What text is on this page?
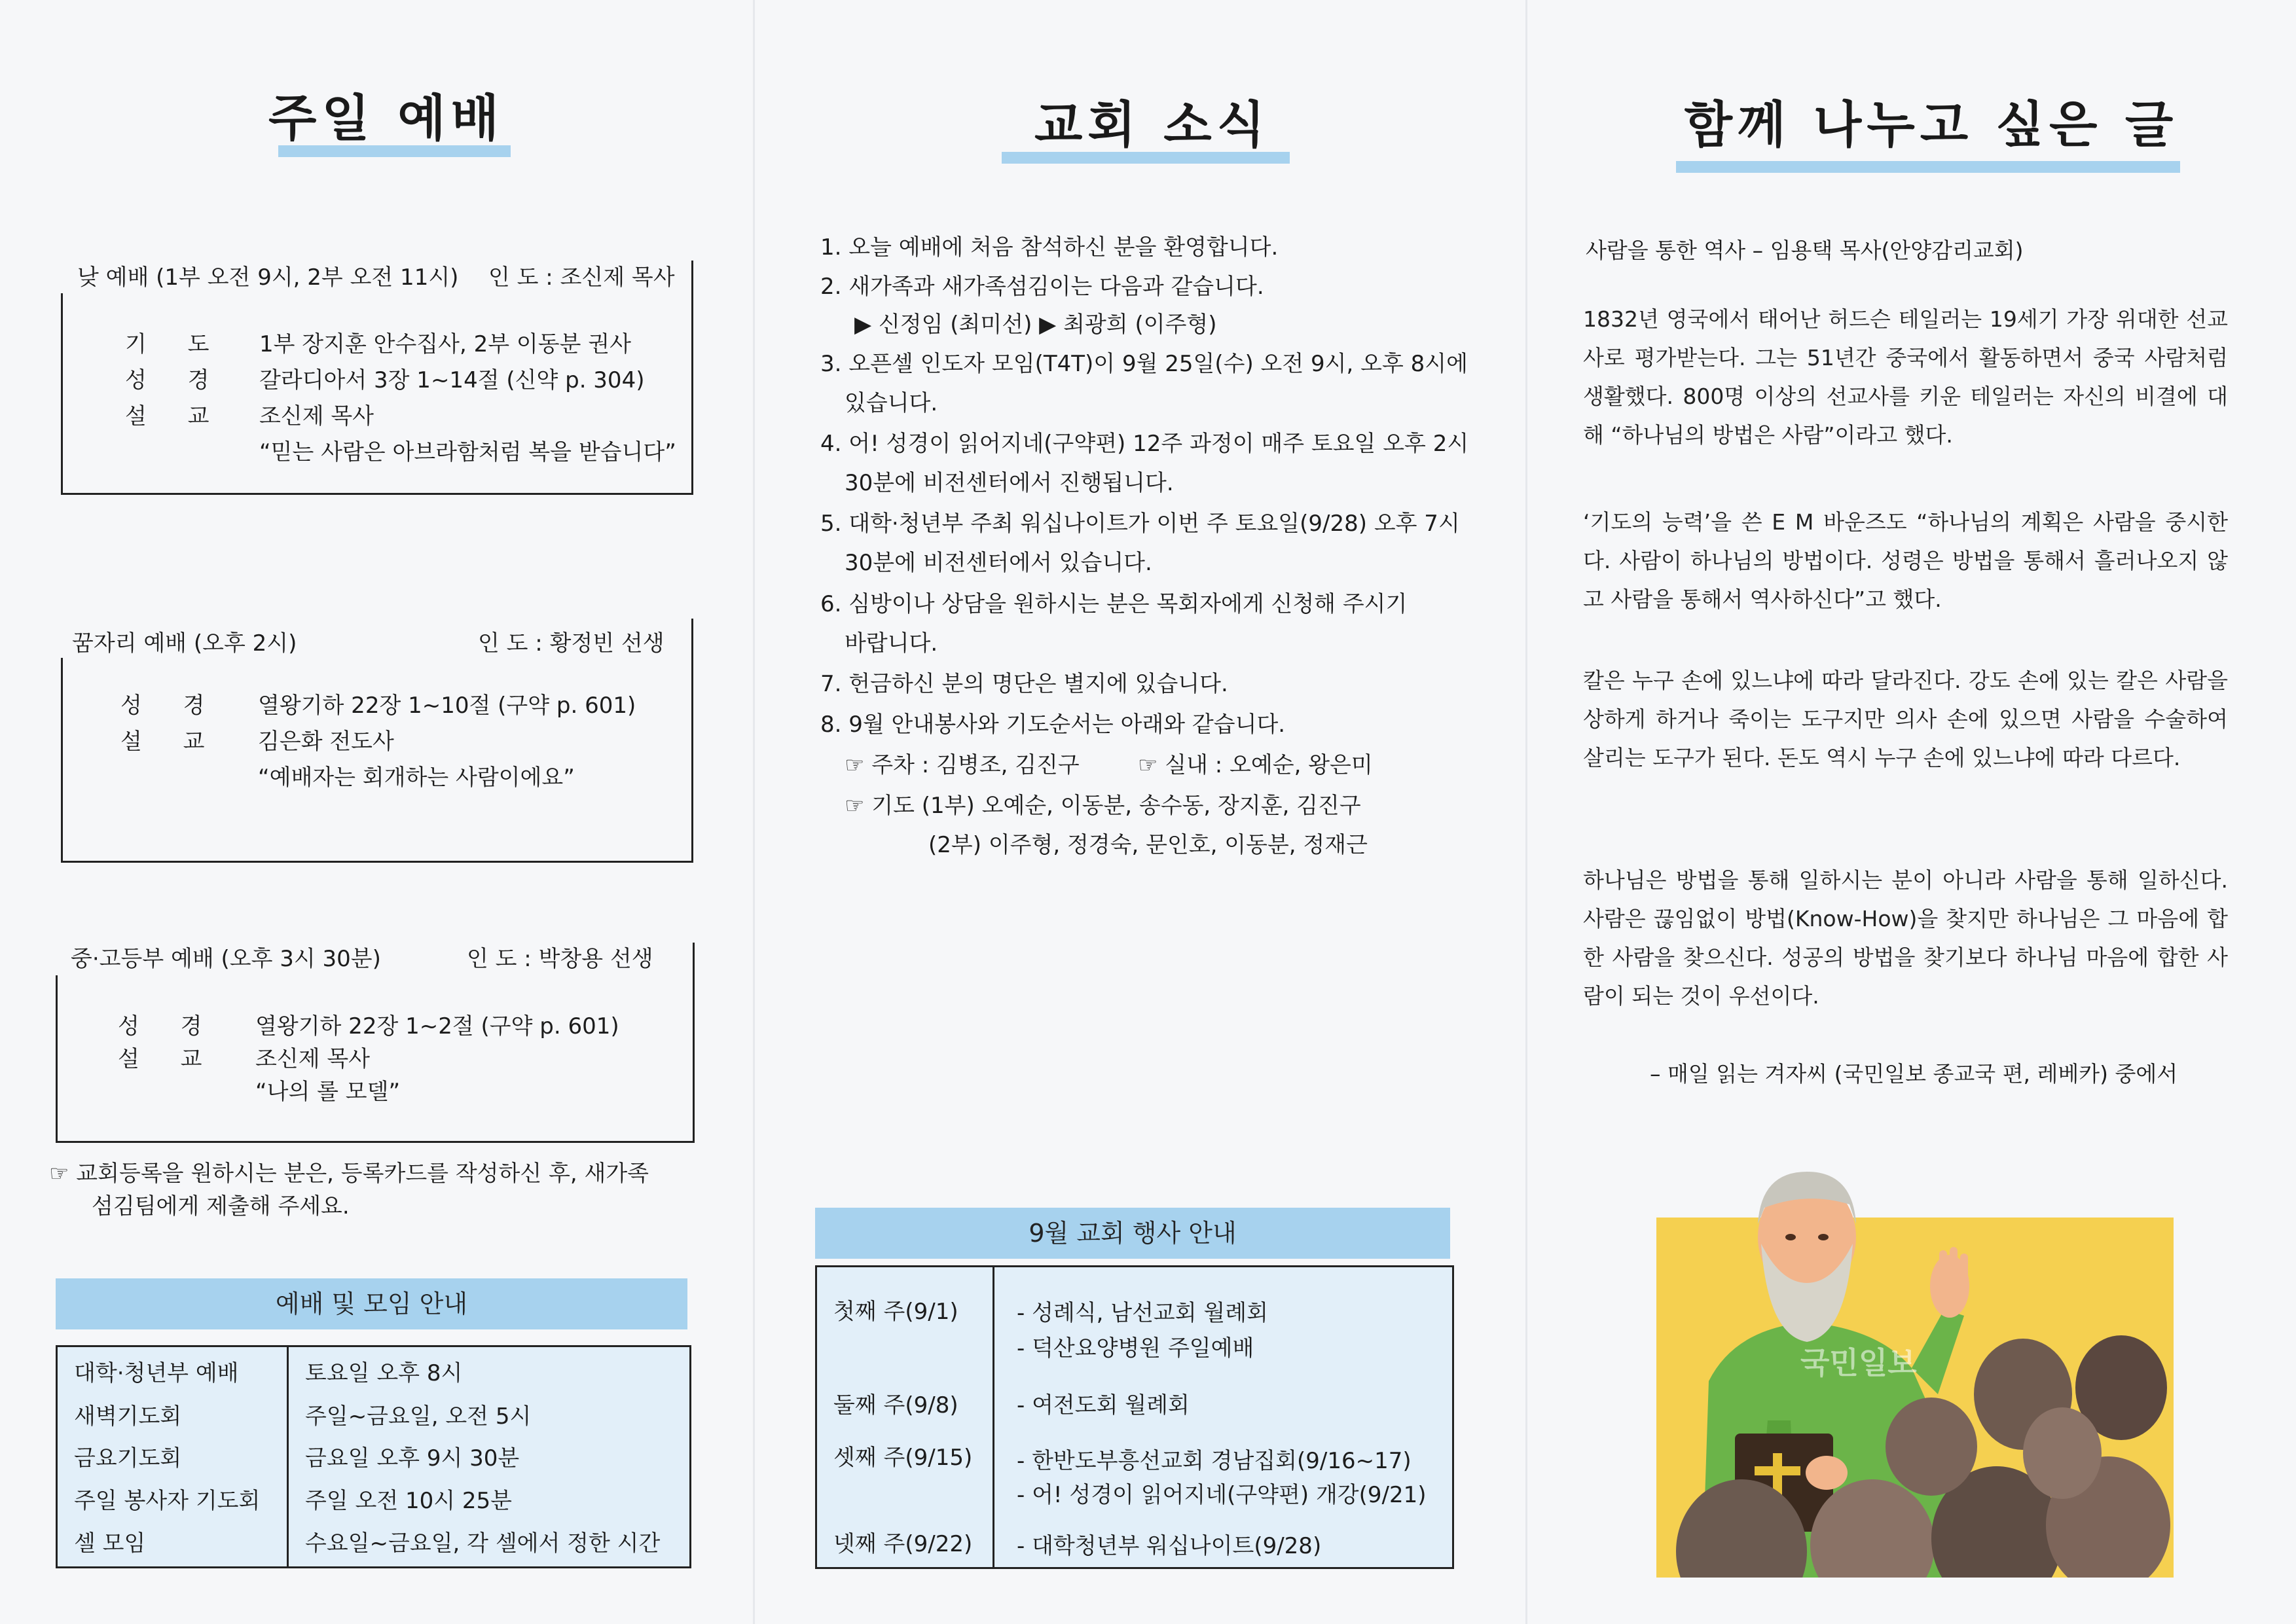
주일 예배
낮 예배 (1부 오전 9시, 2부 오전 11시) 인 도 : 조신제 목사
기 도 1부 장지훈 안수집사, 2부 이동분 권사
성 경 갈라디아서 3장 1~14절 (신약 p. 304)
설 교 조신제 목사
“믿는 사람은 아브라함처럼 복을 받습니다”
꿈자리 예배 (오후 2시)	인 도 : 황정빈 선생
성 경 열왕기하 22장 1~10절 (구약 p. 601)
설 교 김은화 전도사
“예배자는 회개하는 사람이에요”
중·고등부 예배 (오후 3시 30분)	인 도 : 박창용 선생
성 경 열왕기하 22장 1~2절 (구약 p. 601)
설 교 조신제 목사
“나의 롤 모델”
☞ 교회등록을 원하시는 분은, 등록카드를 작성하신 후, 새가족
섬김팀에게 제출해 주세요.
예배 및 모임 안내
대학·청년부 예배	토요일 오후 8시
새벽기도회	주일~금요일, 오전 5시
금요기도회	금요일 오후 9시 30분
주일 봉사자 기도회 주일 오전 10시 25분
셀 모임	수요일~금요일, 각 셀에서 정한 시간
교회 소식
1. 오늘 예배에 처음 참석하신 분을 환영합니다.
2. 새가족과 새가족섬김이는 다음과 같습니다.
▶ 신정임 (최미선) ▶ 최광희 (이주형)
3. 오픈셀 인도자 모임(T4T)이 9월 25일(수) 오전 9시, 오후 8시에
있습니다.
4. 어! 성경이 읽어지네(구약편) 12주 과정이 매주 토요일 오후 2시
30분에 비전센터에서 진행됩니다.
5. 대학·청년부 주최 워십나이트가 이번 주 토요일(9/28) 오후 7시
30분에 비전센터에서 있습니다.
6. 심방이나 상담을 원하시는 분은 목회자에게 신청해 주시기
바랍니다.
7. 헌금하신 분의 명단은 별지에 있습니다.
8. 9월 안내봉사와 기도순서는 아래와 같습니다.
☞ 주차 : 김병조, 김진구	☞ 실내 : 오예순, 왕은미
☞ 기도 (1부) 오예순, 이동분, 송수동, 장지훈, 김진구
(2부) 이주형, 정경숙, 문인호, 이동분, 정재근
9월 교회 행사 안내
첫째 주(9/1)	- 성례식, 남선교회 월례회
- 덕산요양병원 주일예배
둘째 주(9/8)	- 여전도회 월례회
셋째 주(9/15) - 한반도부흥선교회 경남집회(9/16~17)
- 어! 성경이 읽어지네(구약편) 개강(9/21)
넷째 주(9/22) - 대학청년부 워십나이트(9/28)
함께 나누고 싶은 글
사람을 통한 역사 – 임용택 목사(안양감리교회)
1832년 영국에서 태어난 허드슨 테일러는 19세기 가장 위대한 선교사로 평가받는다. 그는 51년간 중국에서 활동하면서 중국 사람처럼 생활했다. 800명 이상의 선교사를 키운 테일러는 자신의 비결에 대해 “하나님의 방법은 사람”이라고 했다.
‘기도의 능력’을 쓴 E M 바운즈도 “하나님의 계획은 사람을 중시한다. 사람이 하나님의 방법이다. 성령은 방법을 통해서 흘러나오지 않고 사람을 통해서 역사하신다”고 했다.
칼은 누구 손에 있느냐에 따라 달라진다. 강도 손에 있는 칼은 사람을 상하게 하거나 죽이는 도구지만 의사 손에 있으면 사람을 수술하여 살리는 도구가 된다. 돈도 역시 누구 손에 있느냐에 따라 다르다.
하나님은 방법을 통해 일하시는 분이 아니라 사람을 통해 일하신다. 사람은 끊임없이 방법(Know-How)을 찾지만 하나님은 그 마음에 합한 사람을 찾으신다. 성공의 방법을 찾기보다 하나님 마음에 합한 사람이 되는 것이 우선이다.
– 매일 읽는 겨자씨 (국민일보 종교국 편, 레베카) 중에서
국민일보
